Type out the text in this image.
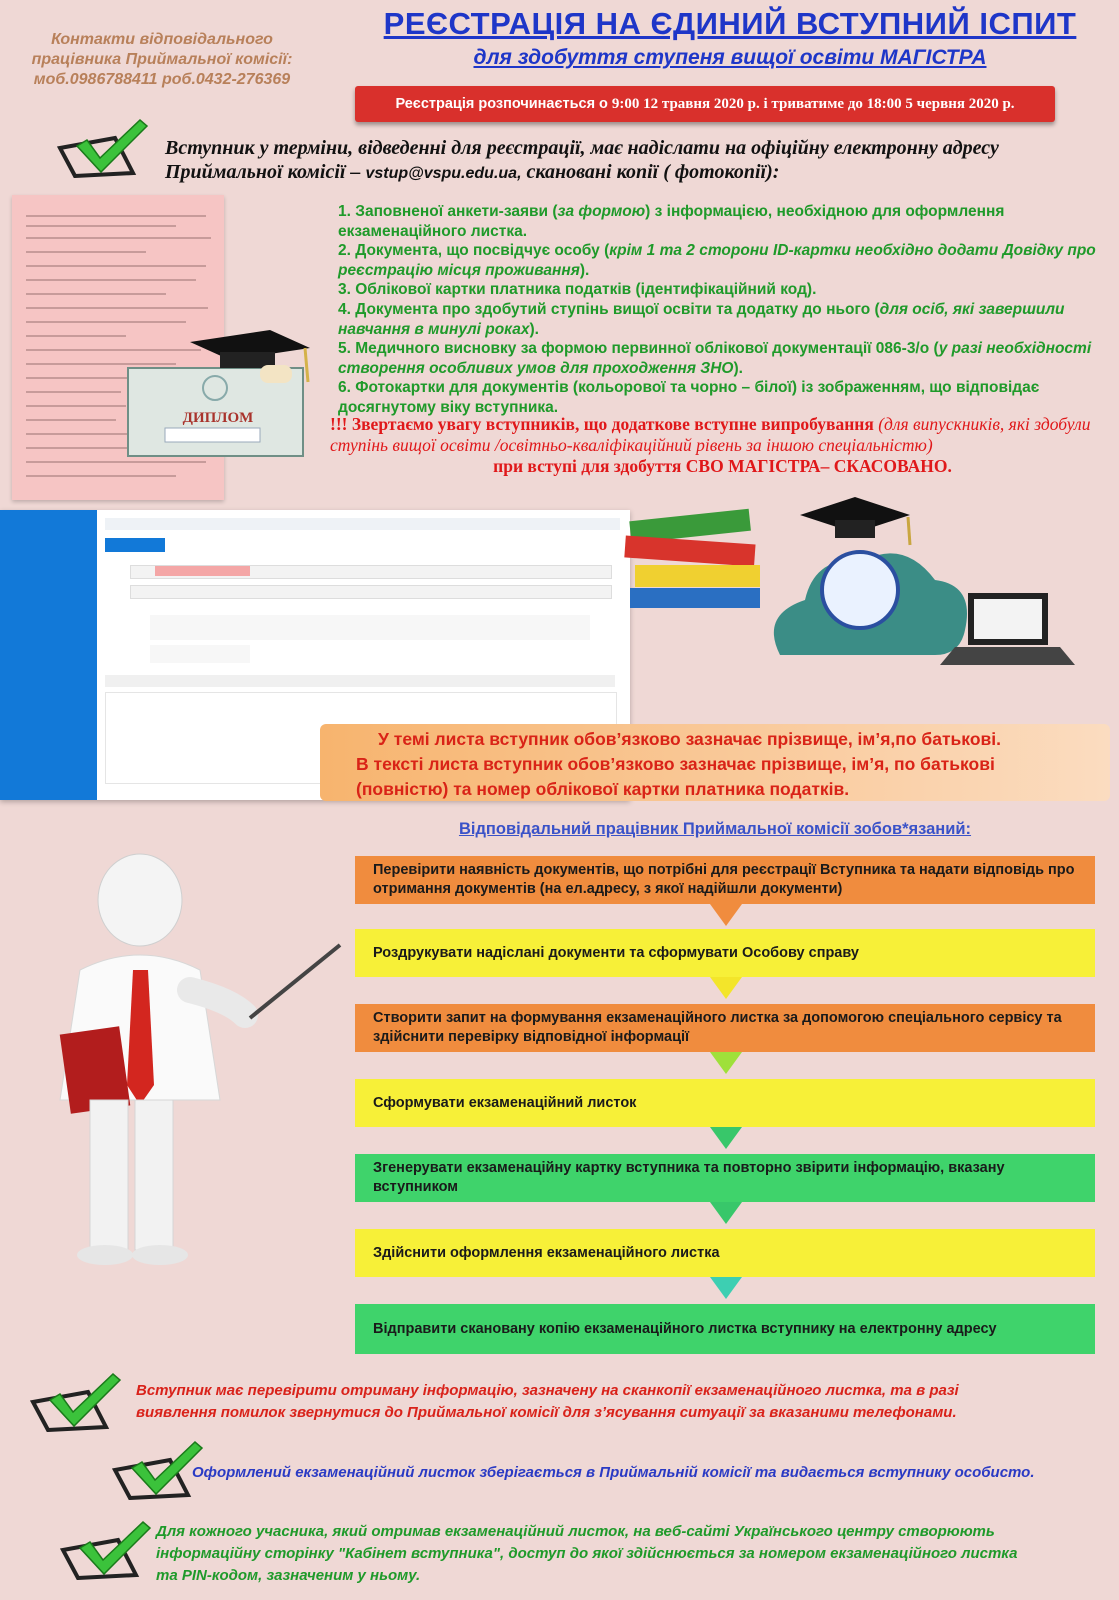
Контакти відповідального
працівника Приймальної комісії:
моб.0986788411 роб.0432-276369
РЕЄСТРАЦІЯ НА ЄДИНИЙ ВСТУПНИЙ ІСПИТ
для здобуття ступеня вищої освіти МАГІСТРА
Реєстрація розпочинається о 9:00 12 травня 2020 р. і триватиме до 18:00 5 червня 2020 р.
Вступник у терміни, відведенні для реєстрації, має надіслати на офіційну електронну адресу
Приймальної комісії – vstup@vspu.edu.ua, скановані копії ( фотокопії):
ДИПЛОМ
1. Заповненої анкети-заяви (за формою) з інформацією, необхідною для оформлення екзаменаційного листка.
2. Документа, що посвідчує особу (крім 1 та 2 сторони ID-картки необхідно додати Довідку про реєстрацію місця проживання).
3. Облікової картки платника податків (ідентифікаційний код).
4. Документа про здобутий ступінь вищої освіти та додатку до нього (для осіб, які завершили навчання в минулі роках).
5. Медичного висновку за формою первинної облікової документації 086-3/о (у разі необхідності створення особливих умов для проходження ЗНО).
6. Фотокартки для документів (кольорової та чорно – білої) із зображенням, що відповідає досягнутому віку вступника.
!!! Звертаємо увагу вступників, що додаткове вступне випробування (для випускників, які здобули ступінь вищої освіти /освітньо-кваліфікаційний рівень за іншою спеціальністю)
при вступі для здобуття СВО МАГІСТРА– СКАСОВАНО.
У темі листа вступник обов’язково зазначає прізвище, ім’я,по батькові.
В тексті листа вступник обов’язково зазначає прізвище, ім’я, по батькові
(повністю) та номер облікової картки платника податків.
Відповідальний працівник Приймальної комісії зобов*язаний:
Перевірити наявність документів, що потрібні для реєстрації Вступника та надати відповідь про отримання документів (на ел.адресу, з якої надійшли документи)
Роздрукувати надіслані документи та сформувати Особову справу
Створити запит на формування екзаменаційного листка за допомогою спеціального сервісу та здійснити перевірку відповідної інформації
Сформувати екзаменаційний листок
Згенерувати екзаменаційну картку вступника та повторно звірити інформацію, вказану вступником
Здійснити оформлення екзаменаційного листка
Відправити скановану копію екзаменаційного листка вступнику на електронну адресу
Вступник має перевірити отриману інформацію, зазначену на сканкопії екзаменаційного листка, та в разі
виявлення помилок звернутися до Приймальної комісії для з’ясування ситуації за вказаними телефонами.
Оформлений екзаменаційний листок зберігається в Приймальній комісії та видається вступнику особисто.
Для кожного учасника, який отримав екзаменаційний листок, на веб-сайті Українського центру створюють
інформаційну сторінку "Кабінет вступника", доступ до якої здійснюється за номером екзаменаційного листка
та PIN-кодом, зазначеним у ньому.
